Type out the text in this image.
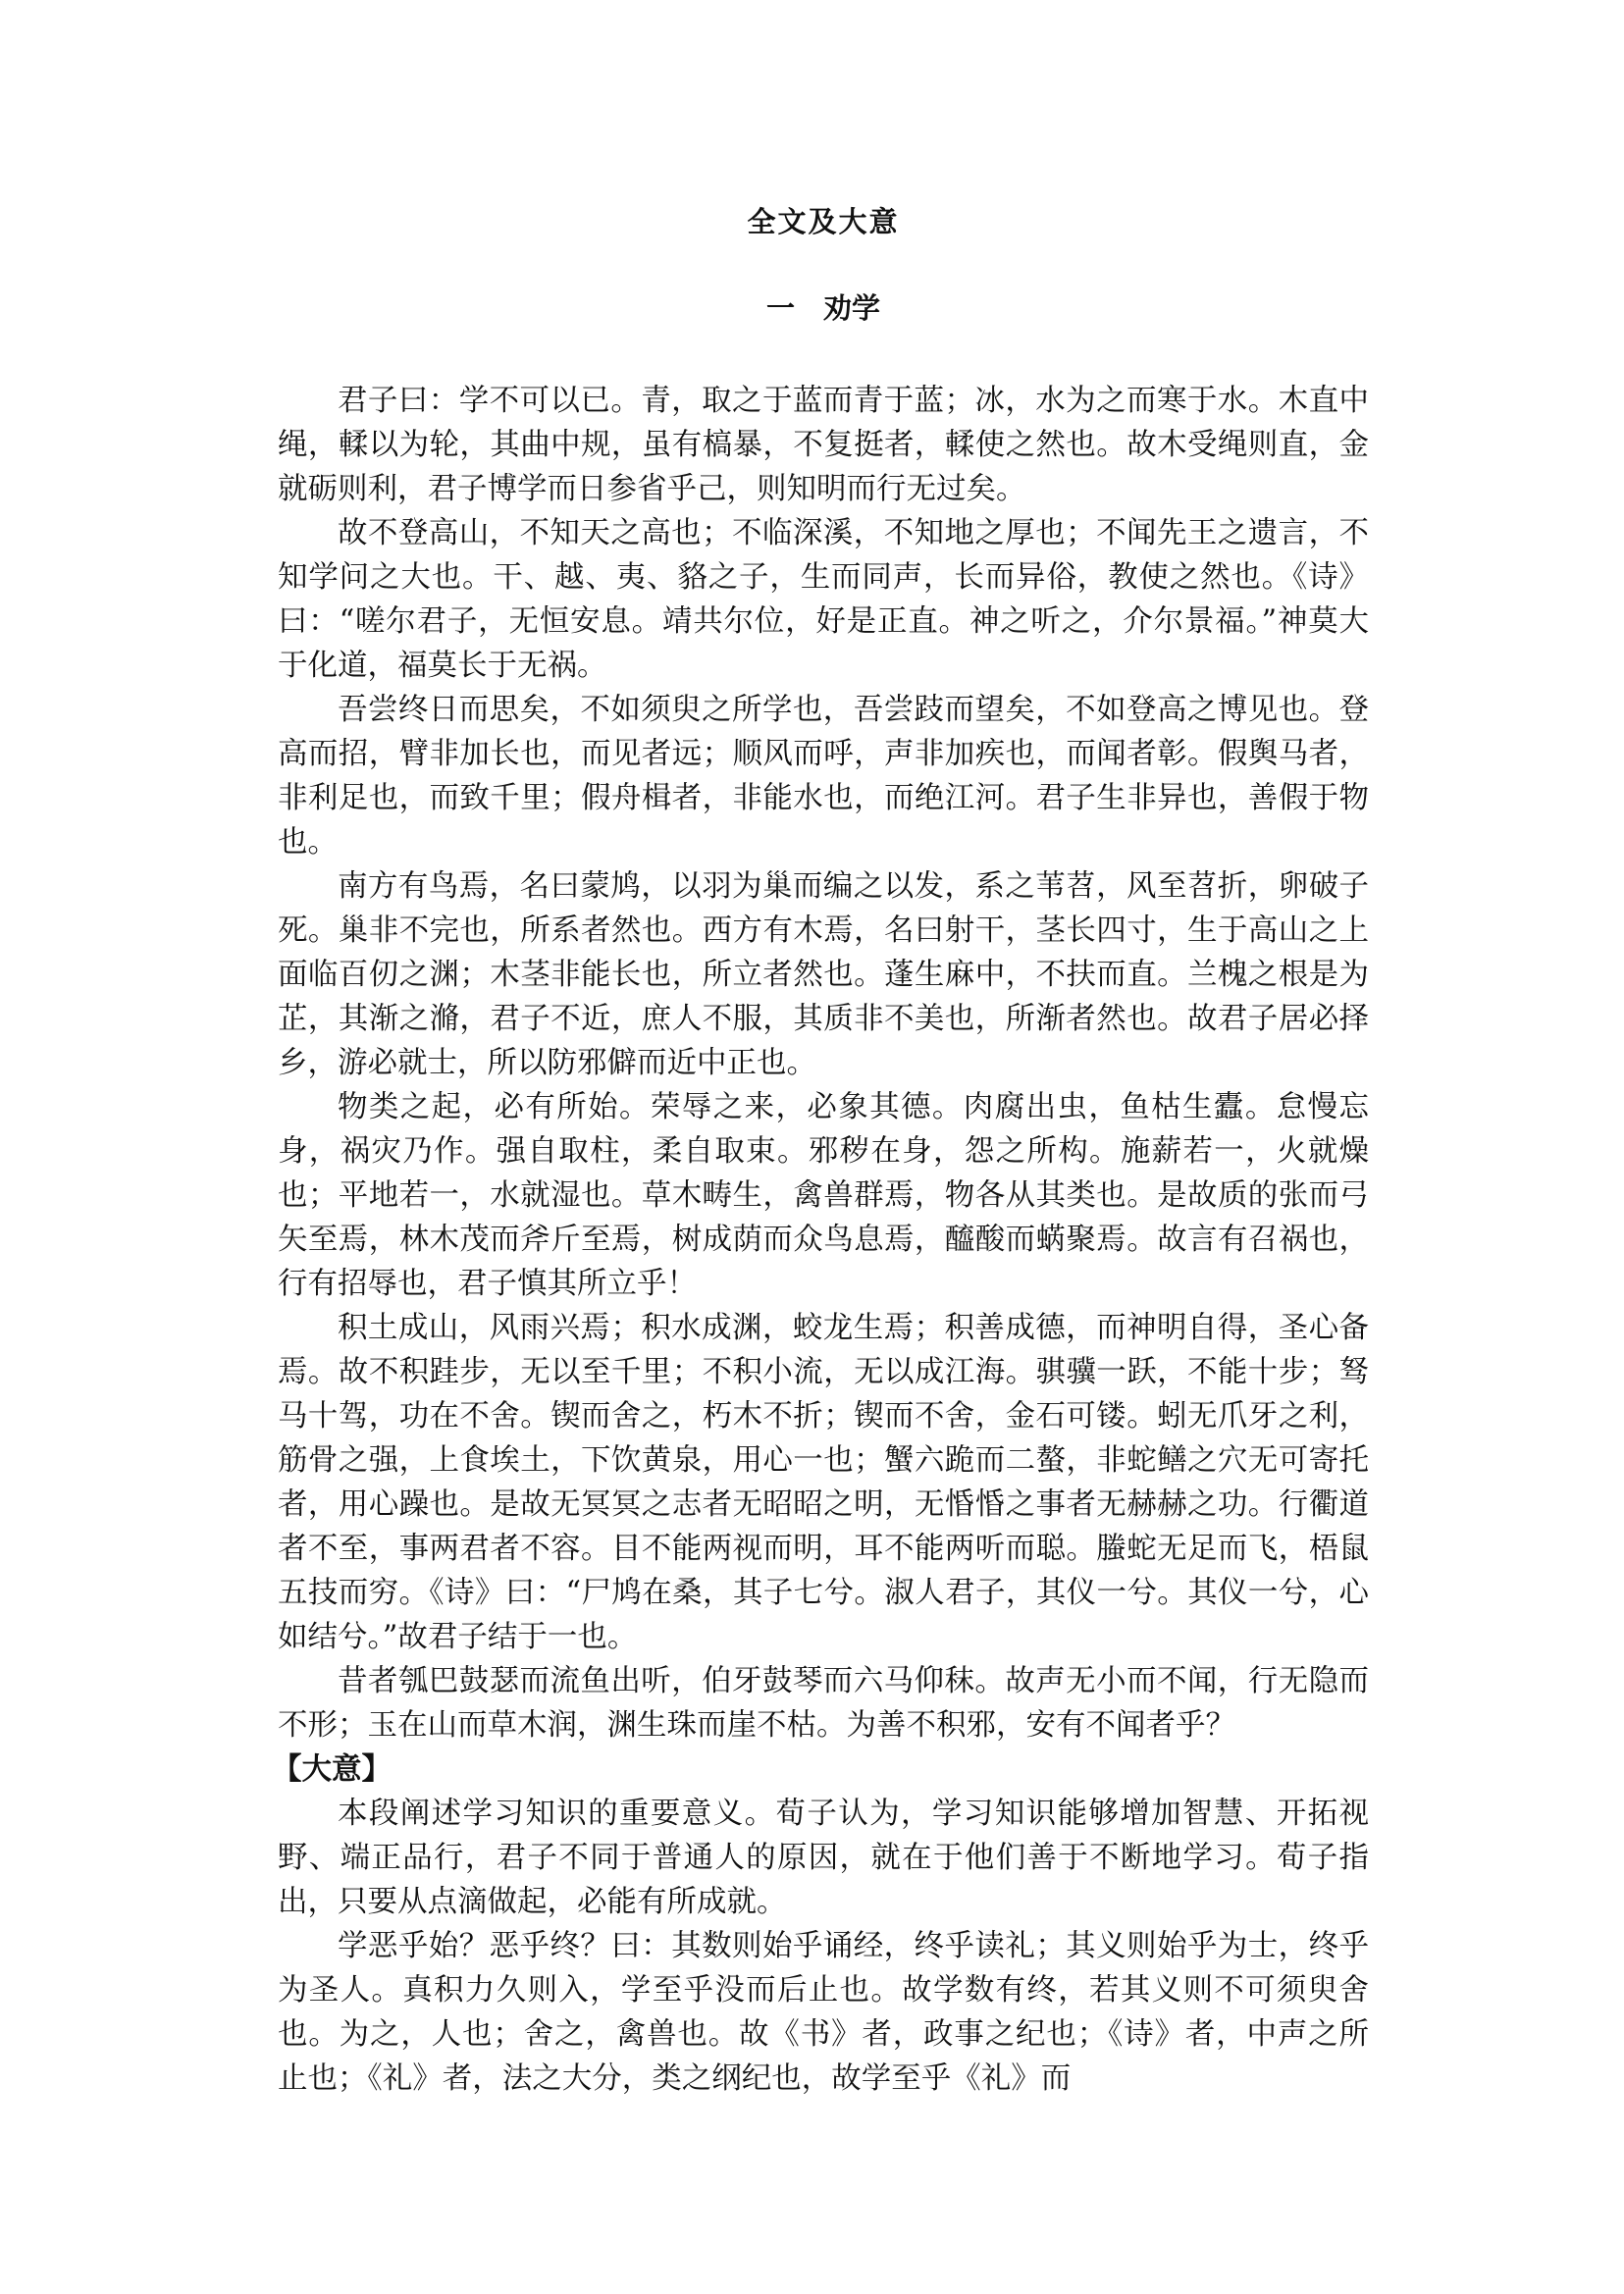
全文及大意
一　劝学

君子曰：学不可以已。青，取之于蓝而青于蓝；冰，水为之而寒于水。木直中绳，輮以为轮，其曲中规，虽有槁暴，不复挺者，輮使之然也。故木受绳则直，金就砺则利，君子博学而日参省乎己，则知明而行无过矣。

故不登高山，不知天之高也；不临深溪，不知地之厚也；不闻先王之遗言，不知学问之大也。干、越、夷、貉之子，生而同声，长而异俗，教使之然也。《诗》曰：“嗟尔君子，无恒安息。靖共尔位，好是正直。神之听之，介尔景福。”神莫大于化道，福莫长于无祸。

吾尝终日而思矣，不如须臾之所学也，吾尝跂而望矣，不如登高之博见也。登高而招，臂非加长也，而见者远；顺风而呼，声非加疾也，而闻者彰。假舆马者，非利足也，而致千里；假舟楫者，非能水也，而绝江河。君子生非异也，善假于物也。

南方有鸟焉，名曰蒙鸠，以羽为巢而编之以发，系之苇苕，风至苕折，卵破子死。巢非不完也，所系者然也。西方有木焉，名曰射干，茎长四寸，生于高山之上面临百仞之渊；木茎非能长也，所立者然也。蓬生麻中，不扶而直。兰槐之根是为芷，其渐之滫，君子不近，庶人不服，其质非不美也，所渐者然也。故君子居必择乡，游必就士，所以防邪僻而近中正也。

物类之起，必有所始。荣辱之来，必象其德。肉腐出虫，鱼枯生蠹。怠慢忘身，祸灾乃作。强自取柱，柔自取束。邪秽在身，怨之所构。施薪若一，火就燥也；平地若一，水就湿也。草木畴生，禽兽群焉，物各从其类也。是故质的张而弓矢至焉，林木茂而斧斤至焉，树成荫而众鸟息焉，醯酸而蜹聚焉。故言有召祸也，行有招辱也，君子慎其所立乎！

积土成山，风雨兴焉；积水成渊，蛟龙生焉；积善成德，而神明自得，圣心备焉。故不积跬步，无以至千里；不积小流，无以成江海。骐骥一跃，不能十步；驽马十驾，功在不舍。锲而舍之，朽木不折；锲而不舍，金石可镂。蚓无爪牙之利，筋骨之强，上食埃土，下饮黄泉，用心一也；蟹六跪而二螯，非蛇鳝之穴无可寄托者，用心躁也。是故无冥冥之志者无昭昭之明，无惛惛之事者无赫赫之功。行衢道者不至，事两君者不容。目不能两视而明，耳不能两听而聪。螣蛇无足而飞，梧鼠五技而穷。《诗》曰：“尸鸠在桑，其子七兮。淑人君子，其仪一兮。其仪一兮，心如结兮。”故君子结于一也。

昔者瓠巴鼓瑟而流鱼出听，伯牙鼓琴而六马仰秣。故声无小而不闻，行无隐而不形；玉在山而草木润，渊生珠而崖不枯。为善不积邪，安有不闻者乎？

【大意】

本段阐述学习知识的重要意义。荀子认为，学习知识能够增加智慧、开拓视野、端正品行，君子不同于普通人的原因，就在于他们善于不断地学习。荀子指出，只要从点滴做起，必能有所成就。

学恶乎始？恶乎终？曰：其数则始乎诵经，终乎读礼；其义则始乎为士，终乎为圣人。真积力久则入，学至乎没而后止也。故学数有终，若其义则不可须臾舍也。为之，人也；舍之，禽兽也。故《书》者，政事之纪也；《诗》者，中声之所止也；《礼》者，法之大分，类之纲纪也，故学至乎《礼》而
